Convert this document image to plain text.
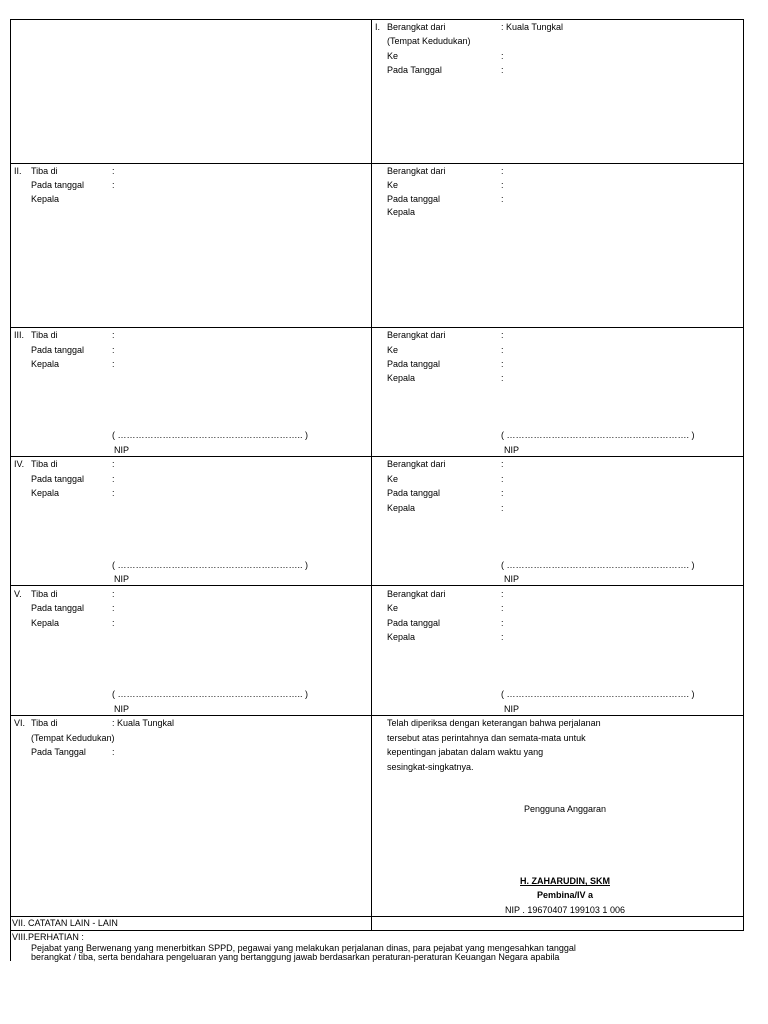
I. Berangkat dari	: Kuala Tungkal
(Tempat Kedudukan)
Ke	:
Pada Tanggal	:
II. Tiba di	:
Pada tanggal	:
Kepala
Berangkat dari	:
Ke	:
Pada tanggal	:
Kepala
III. Tiba di	:
Pada tanggal	:
Kepala	:
( …………………………………………………….. )
NIP
Berangkat dari	:
Ke	:
Pada tanggal	:
Kepala	:
( ……………………………………………………. )
NIP
IV. Tiba di	:
Pada tanggal	:
Kepala	:
( …………………………………………………….. )
NIP
Berangkat dari	:
Ke	:
Pada tanggal	:
Kepala	:
( ……………………………………………………. )
NIP
V. Tiba di	:
Pada tanggal	:
Kepala	:
( …………………………………………………….. )
NIP
Berangkat dari	:
Ke	:
Pada tanggal	:
Kepala	:
( ……………………………………………………. )
NIP
VI. Tiba di	: Kuala Tungkal
(Tempat Kedudukan)
Pada Tanggal	:
Telah diperiksa dengan keterangan bahwa perjalanan
tersebut atas perintahnya dan semata-mata untuk
kepentingan jabatan dalam waktu yang
sesingkat-singkatnya.
Pengguna Anggaran
H. ZAHARUDIN, SKM
Pembina/IV a
NIP . 19670407 199103 1 006
VII. CATATAN LAIN - LAIN
VIII.PERHATIAN :
Pejabat yang Berwenang yang menerbitkan SPPD, pegawai yang melakukan perjalanan dinas, para pejabat yang mengesahkan tanggal
berangkat / tiba, serta bendahara pengeluaran yang bertanggung jawab berdasarkan peraturan-peraturan Keuangan Negara apabila
